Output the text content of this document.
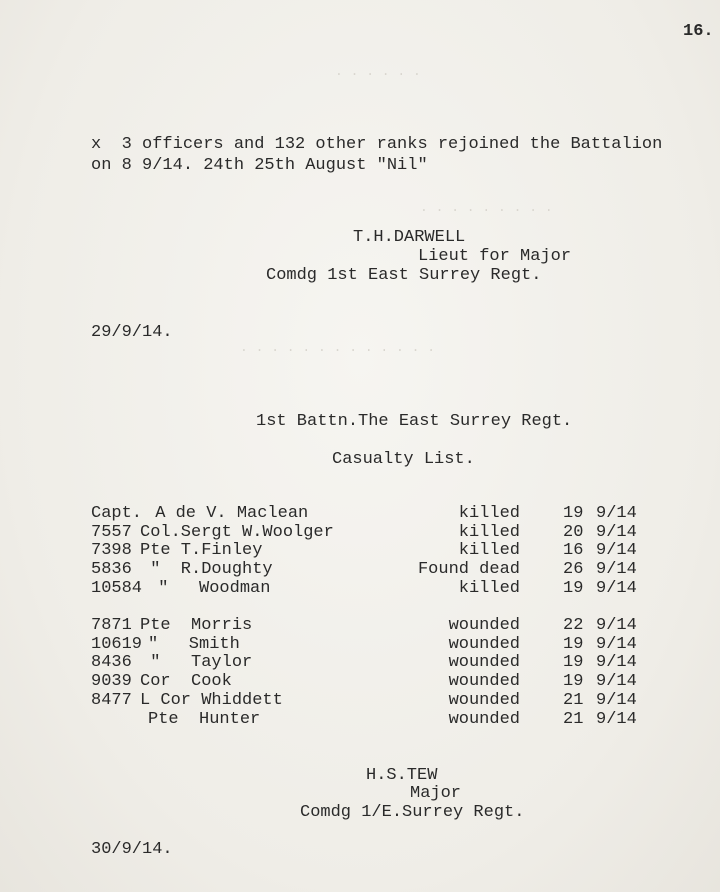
. . . . . .
. . . . . . . . .
. . . . . . . . . . . . .
16.
x  3 officers and 132 other ranks rejoined the Battalion
on 8 9/14. 24th 25th August "Nil"
T.H.DARWELL
Lieut for Major
Comdg 1st East Surrey Regt.
29/9/14.
1st Battn.The East Surrey Regt.
Casualty List.
Capt. A de V. Maclean	killed	19 9/14
7557 Col.Sergt W.Woolger	killed	20 9/14
7398 Pte T.Finley	killed	16 9/14
5836 "  R.Doughty	Found dead	26 9/14
10584 "   Woodman	killed	19 9/14
7871 Pte  Morris	wounded	22 9/14
10619 "   Smith	wounded	19 9/14
8436 "   Taylor	wounded	19 9/14
9039 Cor  Cook	wounded	19 9/14
8477 L Cor Whiddett	wounded	21 9/14
Pte  Hunter	wounded	21 9/14
H.S.TEW
Major
Comdg 1/E.Surrey Regt.
30/9/14.
